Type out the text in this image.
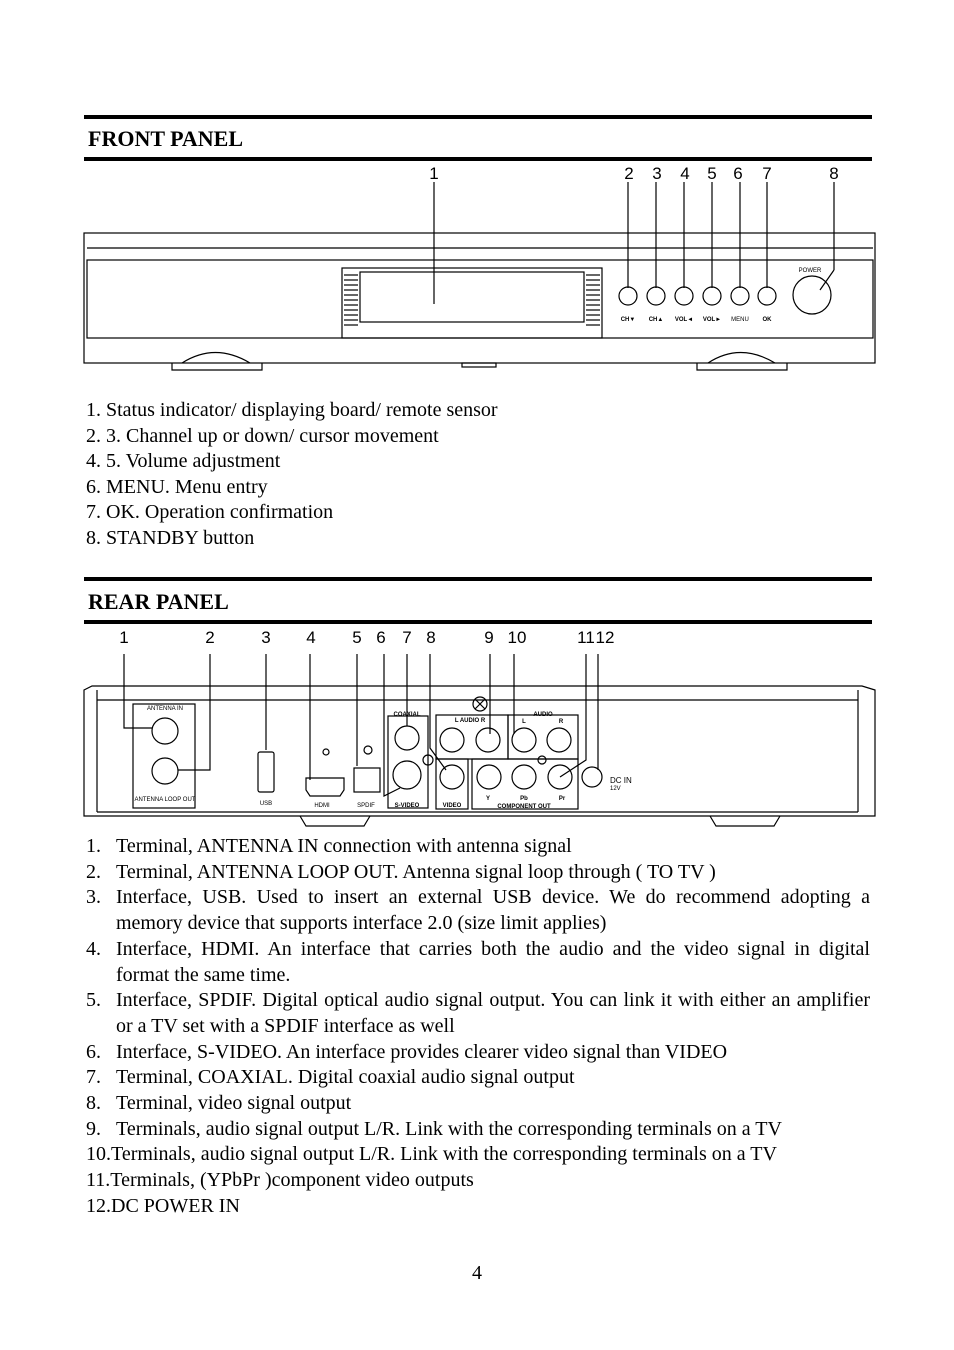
FRONT PANEL
1	2 3 4 5 6 7	8
CH▼ CH▲ VOL◄ VOL► MENU OK
POWER
1. Status indicator/ displaying board/ remote sensor
2. 3. Channel up or down/ cursor movement
4. 5. Volume adjustment
6. MENU. Menu entry
7. OK. Operation confirmation
8. STANDBY button
REAR PANEL
1	2	3 4 5 6 7 8	9 10	11 12
ANTENNA IN
ANTENNA LOOP OUT
USB	HDMI	SPDIF
COAXIAL
S-VIDEO	VIDEO
L AUDIO R
AUDIO
L	R
Y	Pb	Pr
COMPONENT OUT
DC IN
12V
1. Terminal, ANTENNA IN connection with antenna signal
2. Terminal, ANTENNA LOOP OUT. Antenna signal loop through ( TO TV )
3. Interface, USB. Used to insert an external USB device. We do recommend adopting a memory device that supports interface 2.0 (size limit applies)
4. Interface, HDMI. An interface that carries both the audio and the video signal in digital format the same time.
5. Interface, SPDIF. Digital optical audio signal output. You can link it with either an amplifier or a TV set with a SPDIF interface as well
6. Interface, S-VIDEO. An interface provides clearer video signal than VIDEO
7. Terminal, COAXIAL. Digital coaxial audio signal output
8. Terminal, video signal output
9. Terminals, audio signal output L/R. Link with the corresponding terminals on a TV
10. Terminals, audio signal output L/R. Link with the corresponding terminals on a TV
11. Terminals, (YPbPr )component video outputs
12. DC POWER IN
4
